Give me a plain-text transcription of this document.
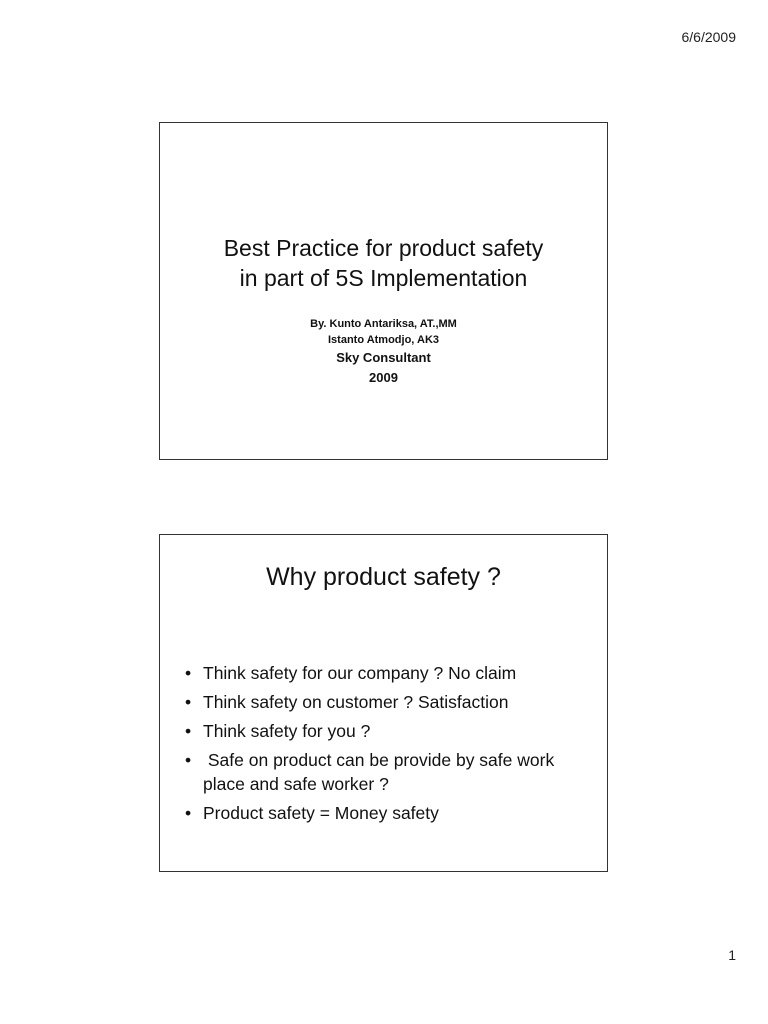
6/6/2009
Best Practice for product safety
in part of 5S Implementation
By. Kunto Antariksa, AT.,MM
Istanto Atmodjo, AK3
Sky Consultant
2009
Why product safety ?
• Think safety for our company ? No claim
• Think safety on customer ? Satisfaction
• Think safety for you ?
• Safe on product can be provide by safe work place and safe worker ?
• Product safety = Money safety
1
